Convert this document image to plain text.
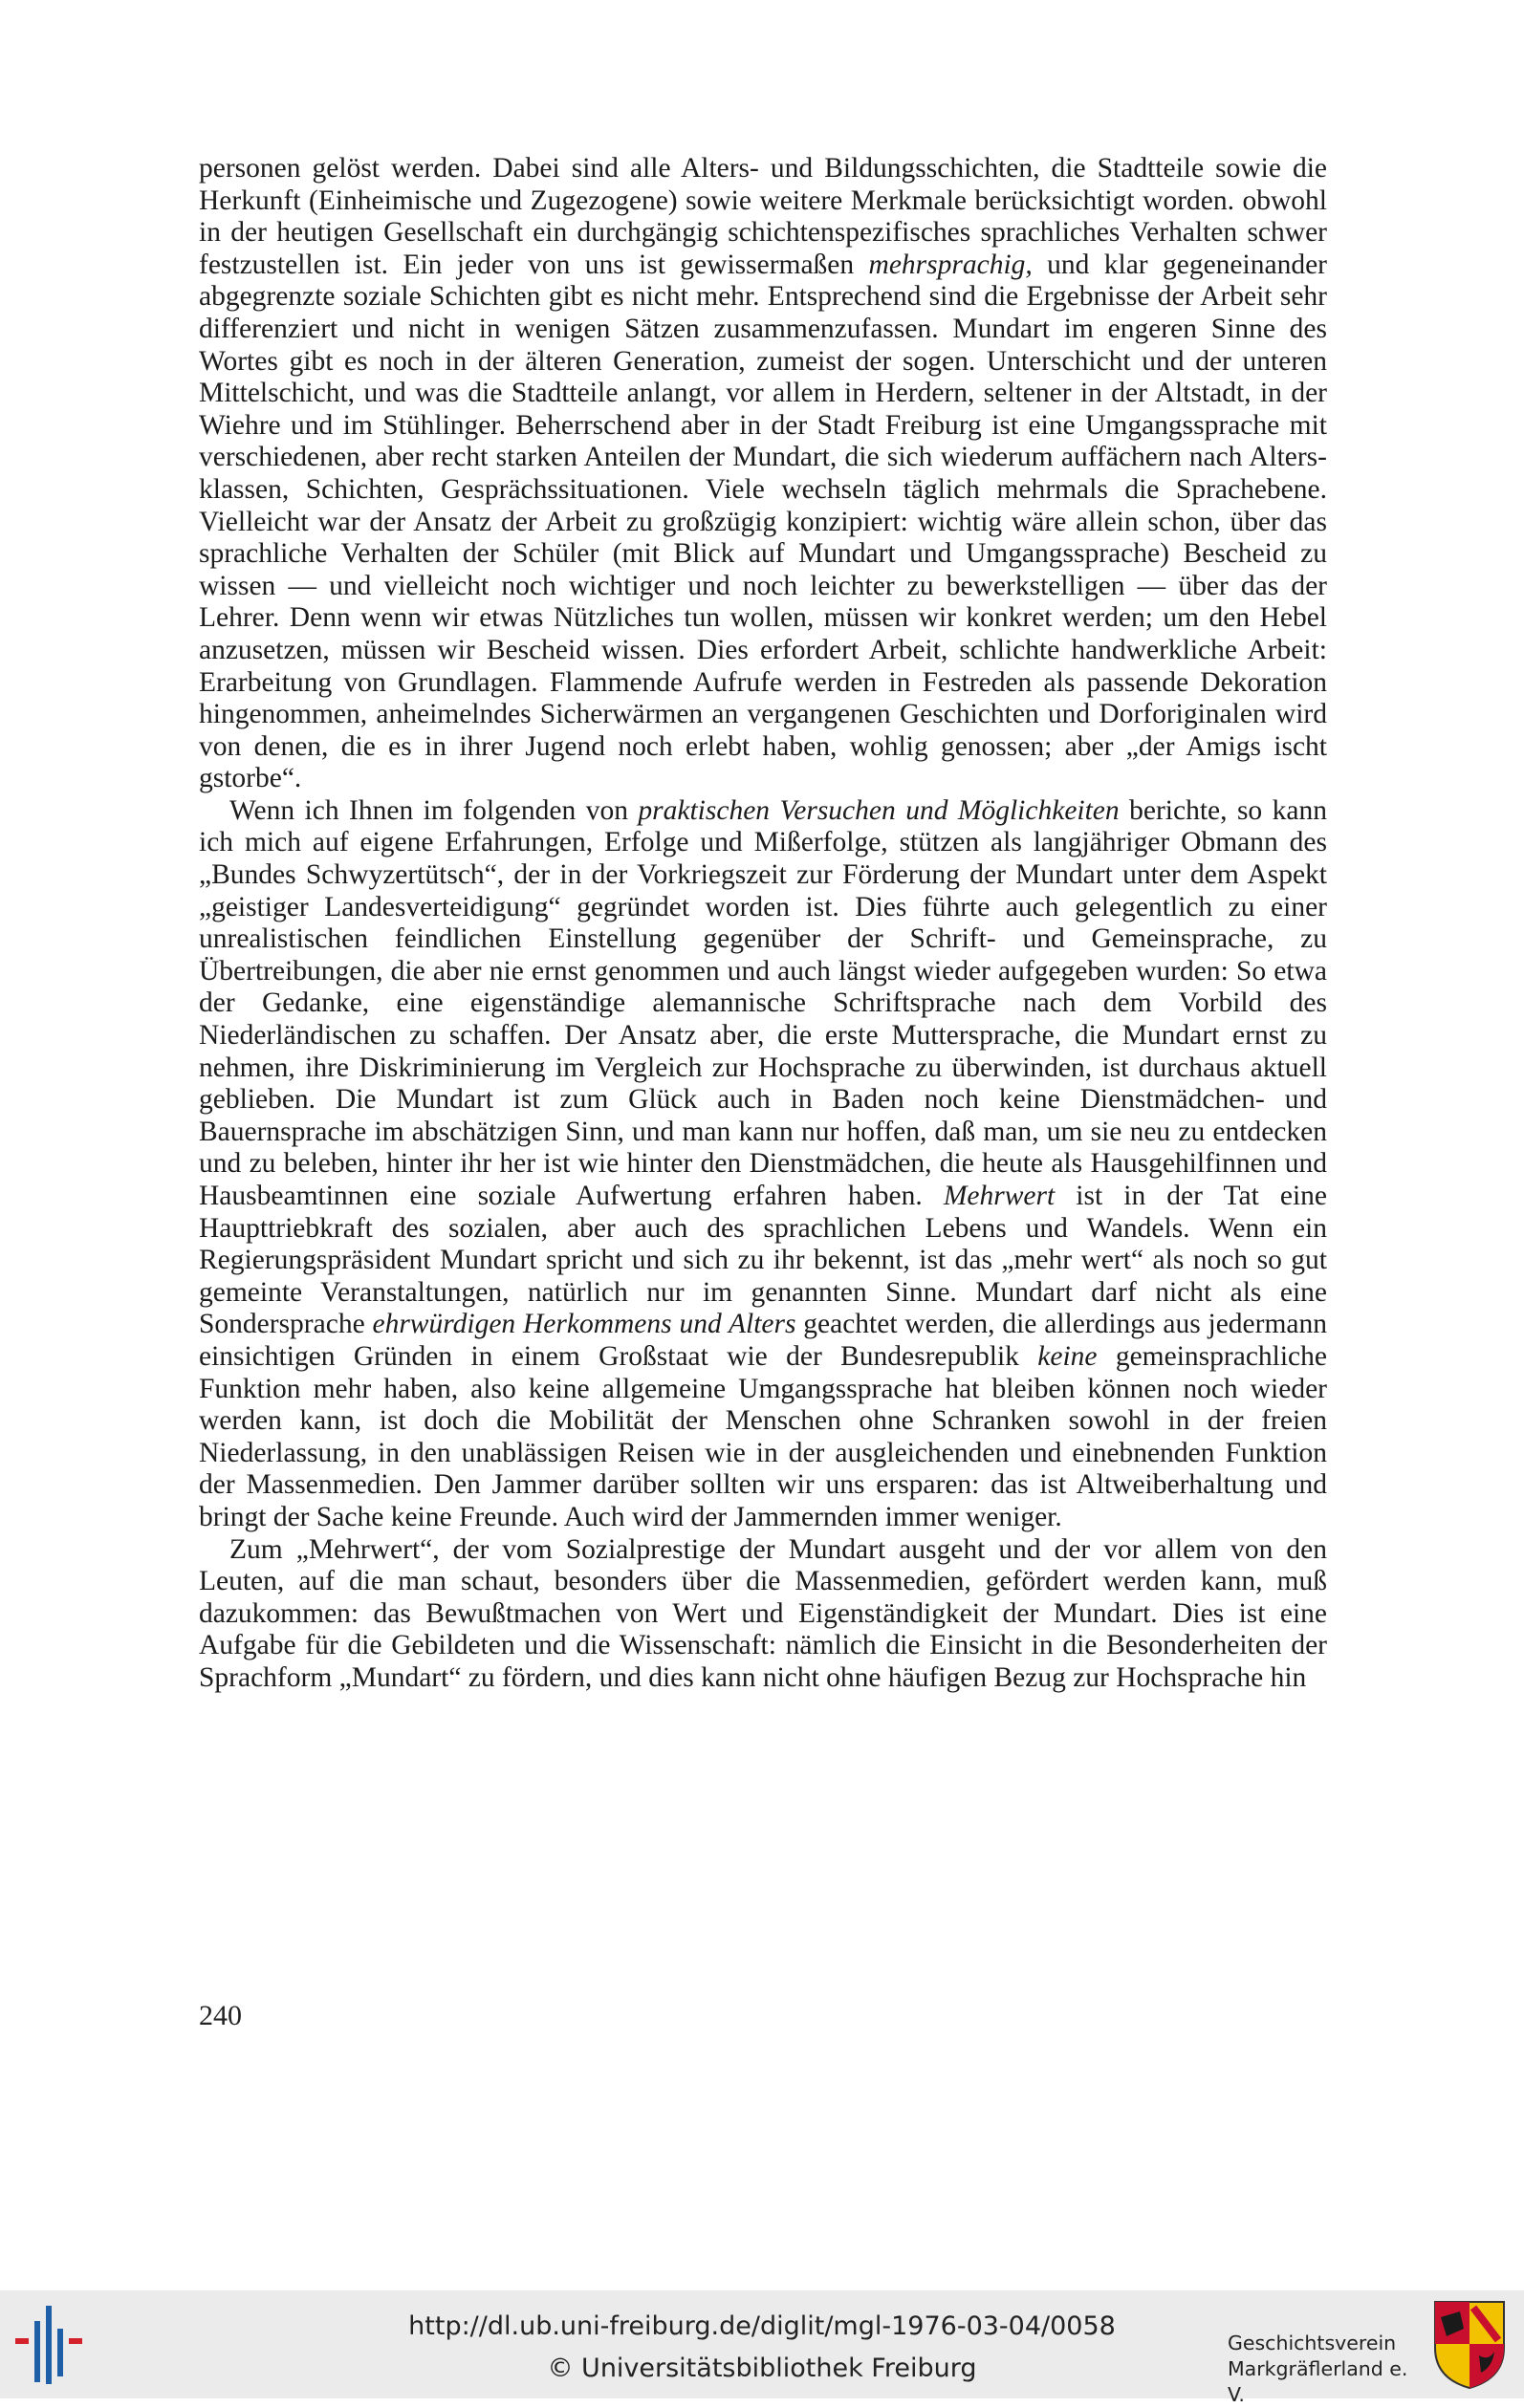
personen gelöst werden. Dabei sind alle Alters- und Bildungsschichten, die Stadtteile sowie die Herkunft (Einheimische und Zugezogene) sowie weitere Merkmale berücksichtigt worden. obwohl in der heutigen Gesellschaft ein durchgängig schichtenspezifisches sprachliches Verhalten schwer festzustellen ist. Ein jeder von uns ist gewissermaßen mehrsprachig, und klar gegeneinander abgegrenzte soziale Schichten gibt es nicht mehr. Entsprechend sind die Ergebnisse der Arbeit sehr differenziert und nicht in wenigen Sätzen zusammenzufassen. Mundart im engeren Sinne des Wortes gibt es noch in der älteren Generation, zumeist der sogen. Unterschicht und der unteren Mittelschicht, und was die Stadtteile anlangt, vor allem in Herdern, seltener in der Altstadt, in der Wiehre und im Stühlinger. Beherrschend aber in der Stadt Freiburg ist eine Umgangssprache mit verschiedenen, aber recht starken Anteilen der Mundart, die sich wiederum auffächern nach Altersklassen, Schichten, Gesprächssituationen. Viele wechseln täglich mehrmals die Sprachebene. Vielleicht war der Ansatz der Arbeit zu großzügig konzipiert: wichtig wäre allein schon, über das sprachliche Verhalten der Schüler (mit Blick auf Mundart und Umgangssprache) Bescheid zu wissen — und vielleicht noch wichtiger und noch leichter zu bewerkstelligen — über das der Lehrer. Denn wenn wir etwas Nützliches tun wollen, müssen wir konkret werden; um den Hebel anzusetzen, müssen wir Bescheid wissen. Dies erfordert Arbeit, schlichte handwerkliche Arbeit: Erarbeitung von Grundlagen. Flammende Aufrufe werden in Festreden als passende Dekoration hingenommen, anheimelndes Sicherwärmen an vergangenen Geschichten und Dorforiginalen wird von denen, die es in ihrer Jugend noch erlebt haben, wohlig genossen; aber „der Amigs ischt gstorbe“.

Wenn ich Ihnen im folgenden von praktischen Versuchen und Möglichkeiten berichte, so kann ich mich auf eigene Erfahrungen, Erfolge und Mißerfolge, stützen als langjähriger Obmann des „Bundes Schwyzertütsch“, der in der Vorkriegszeit zur Förderung der Mundart unter dem Aspekt „geistiger Landesverteidigung“ gegründet worden ist. Dies führte auch gelegentlich zu einer unrealistischen feindlichen Einstellung gegenüber der Schrift- und Gemeinsprache, zu Übertreibungen, die aber nie ernst genommen und auch längst wieder aufgegeben wurden: So etwa der Gedanke, eine eigenständige alemannische Schriftsprache nach dem Vorbild des Niederländischen zu schaffen. Der Ansatz aber, die erste Muttersprache, die Mundart ernst zu nehmen, ihre Diskriminierung im Vergleich zur Hochsprache zu überwinden, ist durchaus aktuell geblieben. Die Mundart ist zum Glück auch in Baden noch keine Dienstmädchen- und Bauernsprache im abschätzigen Sinn, und man kann nur hoffen, daß man, um sie neu zu entdecken und zu beleben, hinter ihr her ist wie hinter den Dienstmädchen, die heute als Hausgehilfinnen und Hausbeamtinnen eine soziale Aufwertung erfahren haben. Mehrwert ist in der Tat eine Haupttriebkraft des sozialen, aber auch des sprachlichen Lebens und Wandels. Wenn ein Regierungspräsident Mundart spricht und sich zu ihr bekennt, ist das „mehr wert“ als noch so gut gemeinte Veranstaltungen, natürlich nur im genannten Sinne. Mundart darf nicht als eine Sondersprache ehrwürdigen Herkommens und Alters geachtet werden, die allerdings aus jedermann einsichtigen Gründen in einem Großstaat wie der Bundesrepublik keine gemeinsprachliche Funktion mehr haben, also keine allgemeine Umgangssprache hat bleiben können noch wieder werden kann, ist doch die Mobilität der Menschen ohne Schranken sowohl in der freien Niederlassung, in den unablässigen Reisen wie in der ausgleichenden und einebnenden Funktion der Massenmedien. Den Jammer darüber sollten wir uns ersparen: das ist Altweiberhaltung und bringt der Sache keine Freunde. Auch wird der Jammernden immer weniger.

Zum „Mehrwert“, der vom Sozialprestige der Mundart ausgeht und der vor allem von den Leuten, auf die man schaut, besonders über die Massenmedien, gefördert werden kann, muß dazukommen: das Bewußtmachen von Wert und Eigenständigkeit der Mundart. Dies ist eine Aufgabe für die Gebildeten und die Wissenschaft: nämlich die Einsicht in die Besonderheiten der Sprachform „Mundart“ zu fördern, und dies kann nicht ohne häufigen Bezug zur Hochsprache hin

240
http://dl.ub.uni-freiburg.de/diglit/mgl-1976-03-04/0058
© Universitätsbibliothek Freiburg
Geschichtsverein
Markgräflerland e. V.
